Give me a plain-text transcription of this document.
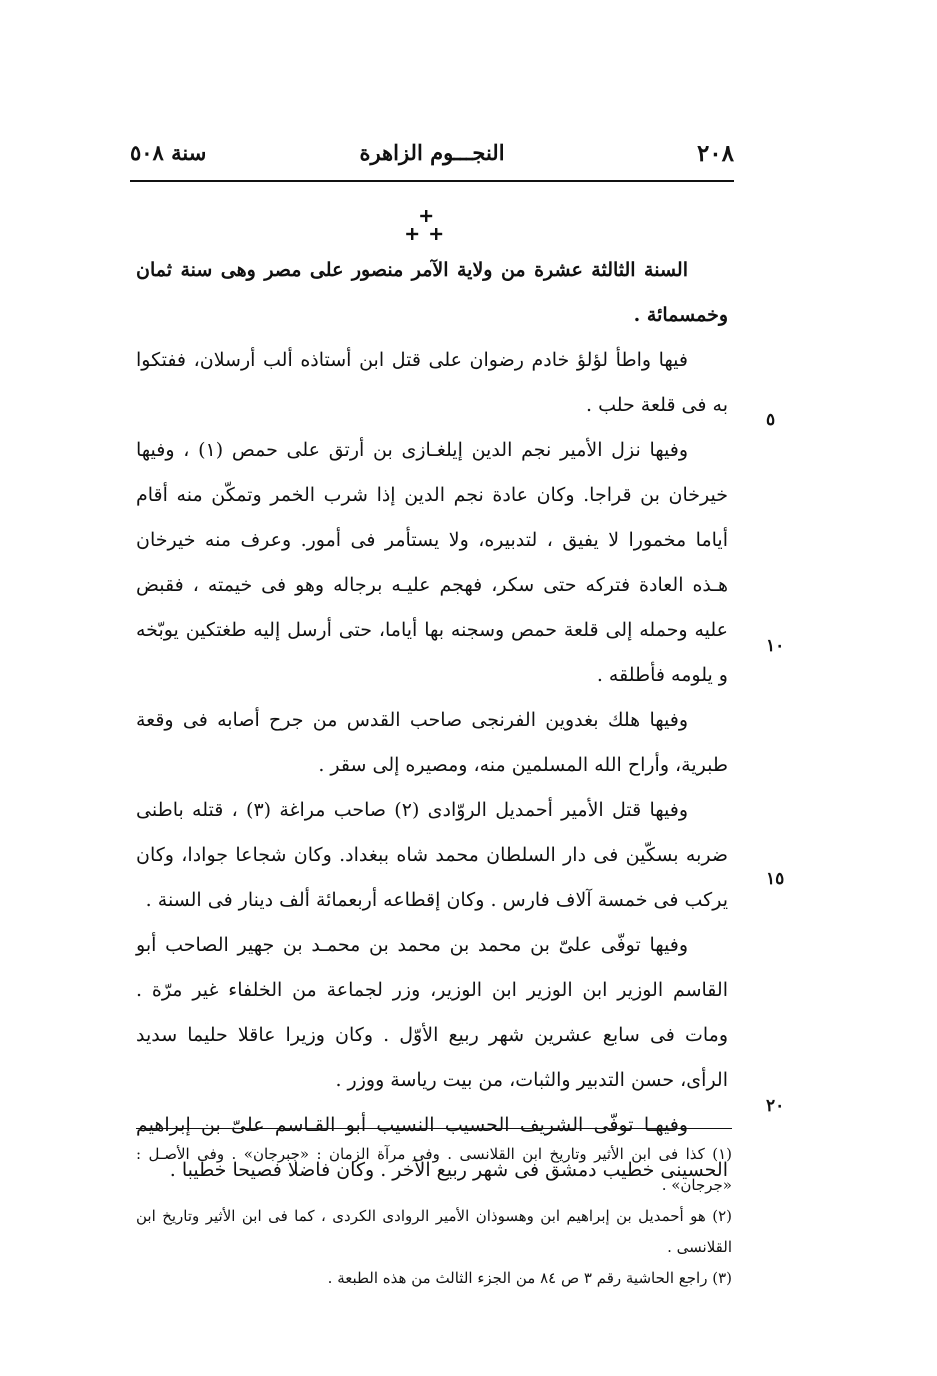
٢٠٨
النجـــوم الزاهرة
سنة ٥٠٨

السنة الثالثة عشرة من ولاية الآمر منصور على مصر وهى سنة ثمان وخمسمائة .

فيها واطأ لؤلؤ خادم رضوان على قتل ابن أستاذه ألب أرسلان، ففتكوا به فى قلعة حلب .

وفيها نزل الأمير نجم الدين إيلغـازى بن أرتق على حمص (١) ، وفيها خيرخان بن قراجا. وكان عادة نجم الدين إذا شرب الخمر وتمكّن منه أقام أياما مخمورا لا يفيق ، لتدبيره، ولا يستأمر فى أمور. وعرف منه خيرخان هـذه العادة فتركه حتى سكر، فهجم عليـه برجاله وهو فى خيمته ، فقبض عليه وحمله إلى قلعة حمص وسجنه بها أياما، حتى أرسل إليه طغتكين يوبّخه و يلومه فأطلقه .

وفيها هلك بغدوين الفرنجى صاحب القدس من جرح أصابه فى وقعة طبرية، وأراح الله المسلمين منه، ومصيره إلى سقر .

وفيها قتل الأمير أحمديل الروّادى (٢) صاحب مراغة (٣) ، قتله باطنى ضربه بسكّين فى دار السلطان محمد شاه ببغداد. وكان شجاعا جوادا، وكان يركب فى خمسة آلاف فارس . وكان إقطاعه أربعمائة ألف دينار فى السنة .

وفيها توفّى علىّ بن محمد بن محمد بن محمـد بن جهير الصاحب أبو القاسم الوزير ابن الوزير ابن الوزير، وزر لجماعة من الخلفاء غير مرّة . ومات فى سابع عشرين شهر ربيع الأوّل . وكان وزيرا عاقلا حليما سديد الرأى، حسن التدبير والثبات، من بيت رياسة ووزر .

وفيهـا توفّى الشريف الحسيب النسيب أبو القـاسم علىّ بن إبراهيم الحسينى خطيب دمشق فى شهر ربيع الآخر . وكان فاضلا فصيحا خطيبا .

٥
١٠
١٥
٢٠

(١) كذا فى ابن الأثير وتاريخ ابن القلانسى . وفى مرآة الزمان : «جبرجان» . وفى الأصـل : «جرجان» .

(٢) هو أحمديل بن إبراهيم ابن وهسوذان الأمير الروادى الكردى ، كما فى ابن الأثير وتاريخ ابن القلانسى .

(٣) راجع الحاشية رقم ٣ ص ٨٤ من الجزء الثالث من هذه الطبعة .
